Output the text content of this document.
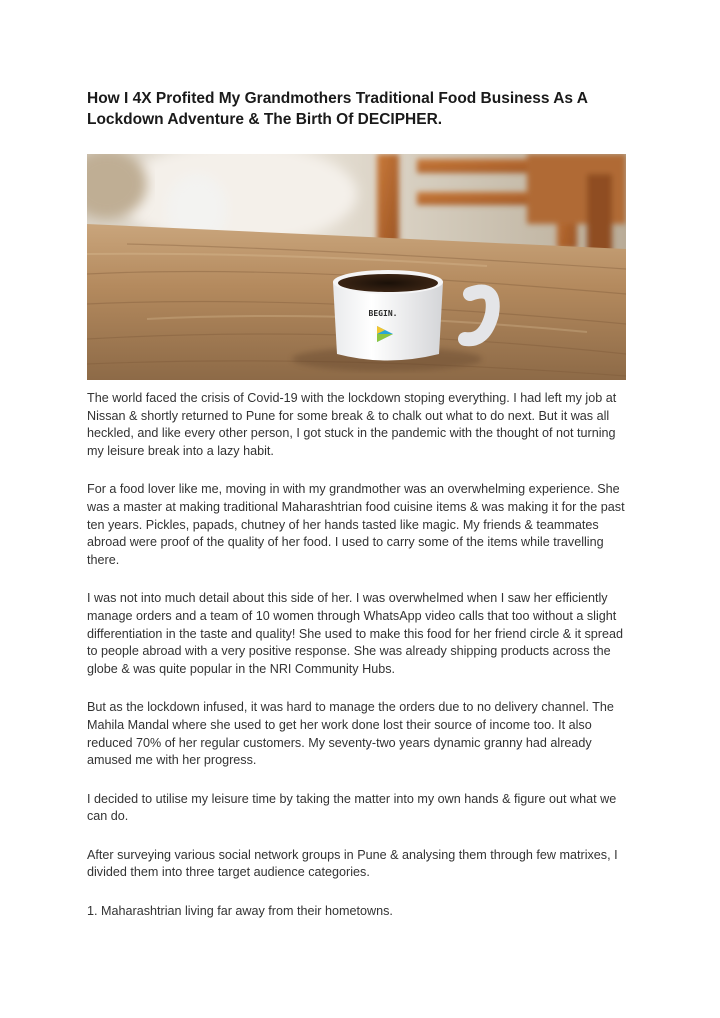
How I 4X Profited My Grandmothers Traditional Food Business As A Lockdown Adventure & The Birth Of DECIPHER.
BEGIN.

The world faced the crisis of Covid-19 with the lockdown stoping everything. I had left my job at Nissan & shortly returned to Pune for some break & to chalk out what to do next. But it was all heckled, and like every other person, I got stuck in the pandemic with the thought of not turning my leisure break into a lazy habit.

For a food lover like me, moving in with my grandmother was an overwhelming experience. She was a master at making traditional Maharashtrian food cuisine items & was making it for the past ten years. Pickles, papads, chutney of her hands tasted like magic. My friends & teammates abroad were proof of the quality of her food. I used to carry some of the items while travelling there.

I was not into much detail about this side of her. I was overwhelmed when I saw her efficiently manage orders and a team of 10 women through WhatsApp video calls that too without a slight differentiation in the taste and quality! She used to make this food for her friend circle & it spread to people abroad with a very positive response. She was already shipping products across the globe & was quite popular in the NRI Community Hubs.

But as the lockdown infused, it was hard to manage the orders due to no delivery channel. The Mahila Mandal where she used to get her work done lost their source of income too. It also reduced 70% of her regular customers. My seventy-two years dynamic granny had already amused me with her progress.

I decided to utilise my leisure time by taking the matter into my own hands & figure out what we can do.

After surveying various social network groups in Pune & analysing them through few matrixes, I divided them into three target audience categories.

1. Maharashtrian living far away from their hometowns.
